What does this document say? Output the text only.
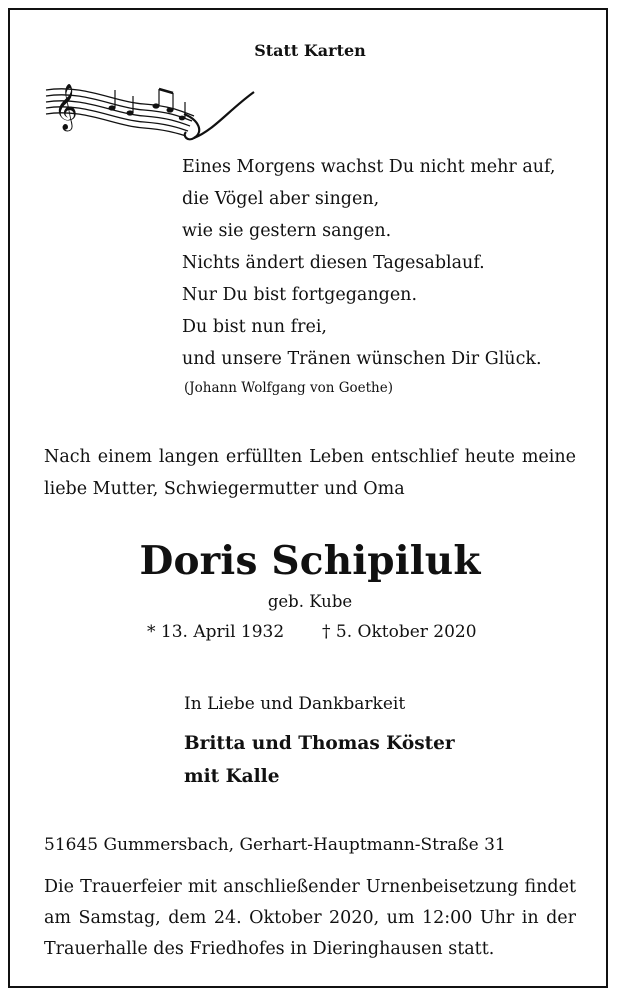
Statt Karten
𝄞
Eines Morgens wachst Du nicht mehr auf,
die Vögel aber singen,
wie sie gestern sangen.
Nichts ändert diesen Tagesablauf.
Nur Du bist fortgegangen.
Du bist nun frei,
und unsere Tränen wünschen Dir Glück.
(Johann Wolfgang von Goethe)
Nach einem langen erfüllten Leben entschlief heute meine
liebe Mutter, Schwiegermutter und Oma
Doris Schipiluk
geb. Kube
* 13. April 1932 † 5. Oktober 2020
In Liebe und Dankbarkeit
Britta und Thomas Köster
mit Kalle
51645 Gummersbach, Gerhart-Hauptmann-Straße 31
Die Trauerfeier mit anschließender Urnenbeisetzung findet
am Samstag, dem 24. Oktober 2020, um 12:00 Uhr in der
Trauerhalle des Friedhofes in Dieringhausen statt.
